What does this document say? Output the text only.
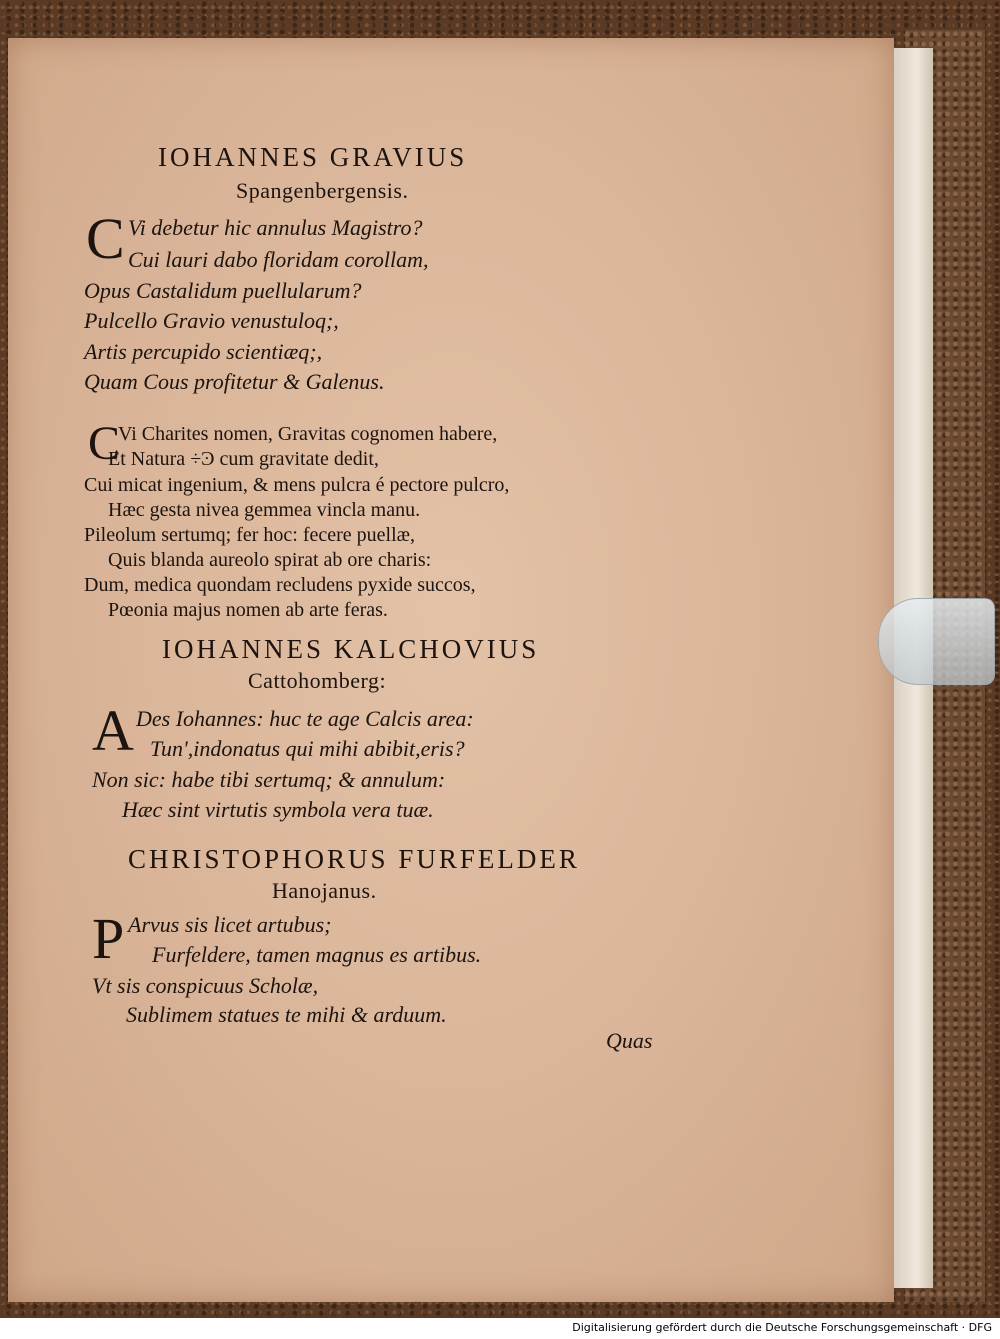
IOHANNES GRAVIUS
Spangenbergensis.
C Vi debetur hic annulus Magistro?
Cui lauri dabo floridam corollam,
Opus Castalidum puellularum?
Pulcello Gravio venustuloq;,
Artis percupido scientiæq;,
Quam Cous profitetur & Galenus.
C
Vi Charites nomen, Gravitas cognomen habere,
Et Natura ÷Ͽ cum gravitate dedit,
Cui micat ingenium, & mens pulcra é pectore pulcro,
Hæc gesta nivea gemmea vincla manu.
Pileolum sertumq; fer hoc: fecere puellæ,
Quis blanda aureolo spirat ab ore charis:
Dum, medica quondam recludens pyxide succos,
Pœonia majus nomen ab arte feras.
IOHANNES KALCHOVIUS
Cattohomberg:
A Des Iohannes: huc te age Calcis area:
Tun',indonatus qui mihi abibit,eris?
Non sic: habe tibi sertumq; & annulum:
Hæc sint virtutis symbola vera tuæ.
CHRISTOPHORUS FURFELDER
Hanojanus.
P Arvus sis licet artubus;
Furfeldere, tamen magnus es artibus.
Vt sis conspicuus Scholæ,
Sublimem statues te mihi & arduum.
Quas
Digitalisierung gefördert durch die Deutsche Forschungsgemeinschaft · DFG
